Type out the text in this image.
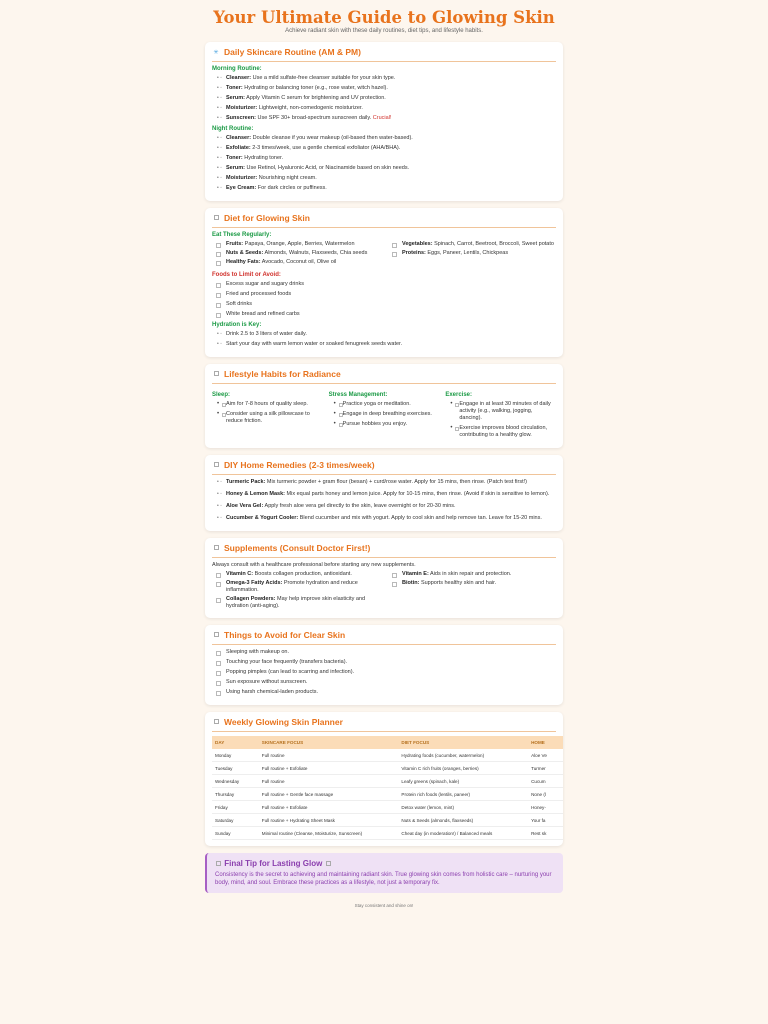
Your Ultimate Guide to Glowing Skin
Achieve radiant skin with these daily routines, diet tips, and lifestyle habits.
✳ Daily Skincare Routine (AM & PM)
Morning Routine:
• ◦ Cleanser: Use a mild sulfate-free cleanser suitable for your skin type.
• ◦ Toner: Hydrating or balancing toner (e.g., rose water, witch hazel).
• ◦ Serum: Apply Vitamin C serum for brightening and UV protection.
• ◦ Moisturizer: Lightweight, non-comedogenic moisturizer.
• ◦ Sunscreen: Use SPF 30+ broad-spectrum sunscreen daily. Crucial!
Night Routine:
• ◦ Cleanser: Double cleanse if you wear makeup (oil-based then water-based).
• ◦ Exfoliate: 2-3 times/week, use a gentle chemical exfoliator (AHA/BHA).
• ◦ Toner: Hydrating toner.
• ◦ Serum: Use Retinol, Hyaluronic Acid, or Niacinamide based on skin needs.
• ◦ Moisturizer: Nourishing night cream.
• ◦ Eye Cream: For dark circles or puffiness.
Diet for Glowing Skin
Eat These Regularly:
Fruits: Papaya, Orange, Apple, Berries, Watermelon	Vegetables: Spinach, Carrot, Beetroot, Broccoli, Sweet potato
Nuts & Seeds: Almonds, Walnuts, Flaxseeds, Chia seeds	Proteins: Eggs, Paneer, Lentils, Chickpeas
Healthy Fats: Avocado, Coconut oil, Olive oil
Foods to Limit or Avoid:
Excess sugar and sugary drinks
Fried and processed foods
Soft drinks
White bread and refined carbs
Hydration is Key:
• ◦ Drink 2.5 to 3 liters of water daily.
• ◦ Start your day with warm lemon water or soaked fenugreek seeds water.
Lifestyle Habits for Radiance
Sleep:
• Aim for 7-8 hours of quality sleep.
• Consider using a silk pillowcase to reduce friction.
Stress Management:
• Practice yoga or meditation.
• Engage in deep breathing exercises.
• Pursue hobbies you enjoy.
Exercise:
• Engage in at least 30 minutes of daily activity (e.g., walking, jogging, dancing).
• Exercise improves blood circulation, contributing to a healthy glow.
DIY Home Remedies (2-3 times/week)
• ◦ Turmeric Pack: Mix turmeric powder + gram flour (besan) + curd/rose water. Apply for 15 mins, then rinse. (Patch test first!)
• ◦ Honey & Lemon Mask: Mix equal parts honey and lemon juice. Apply for 10-15 mins, then rinse. (Avoid if skin is sensitive to lemon).
• ◦ Aloe Vera Gel: Apply fresh aloe vera gel directly to the skin, leave overnight or for 20-30 mins.
• ◦ Cucumber & Yogurt Cooler: Blend cucumber and mix with yogurt. Apply to cool skin and help remove tan. Leave for 15-20 mins.
Supplements (Consult Doctor First!)
Always consult with a healthcare professional before starting any new supplements.
Vitamin C: Boosts collagen production, antioxidant.	Vitamin E: Aids in skin repair and protection.
Omega-3 Fatty Acids: Promote hydration and reduce inflammation.
Biotin: Supports healthy skin and hair.
Collagen Powders: May help improve skin elasticity and hydration (anti-aging).
Things to Avoid for Clear Skin
Sleeping with makeup on.
Touching your face frequently (transfers bacteria).
Popping pimples (can lead to scarring and infection).
Sun exposure without sunscreen.
Using harsh chemical-laden products.
Weekly Glowing Skin Planner
DAY	SKINCARE FOCUS	DIET FOCUS	HOME
Monday	Full routine	Hydrating foods (cucumber, watermelon)	Aloe Ve
Tuesday	Full routine + Exfoliate	Vitamin C rich fruits (oranges, berries)	Turmer
Wednesday	Full routine	Leafy greens (spinach, kale)	Cucum
Thursday	Full routine + Gentle face massage	Protein rich foods (lentils, paneer)	None (l
Friday	Full routine + Exfoliate	Detox water (lemon, mint)	Honey-
Saturday	Full routine + Hydrating Sheet Mask	Nuts & Seeds (almonds, flaxseeds)	Your fa
Sunday	Minimal routine (Cleanse, Moisturize, Sunscreen)	Cheat day (in moderation!) / Balanced meals	Rest sk
Final Tip for Lasting Glow

Consistency is the secret to achieving and maintaining radiant skin. True glowing skin comes from holistic care – nurturing your body, mind, and soul. Embrace these practices as a lifestyle, not just a temporary fix.

Stay consistent and shine on!
